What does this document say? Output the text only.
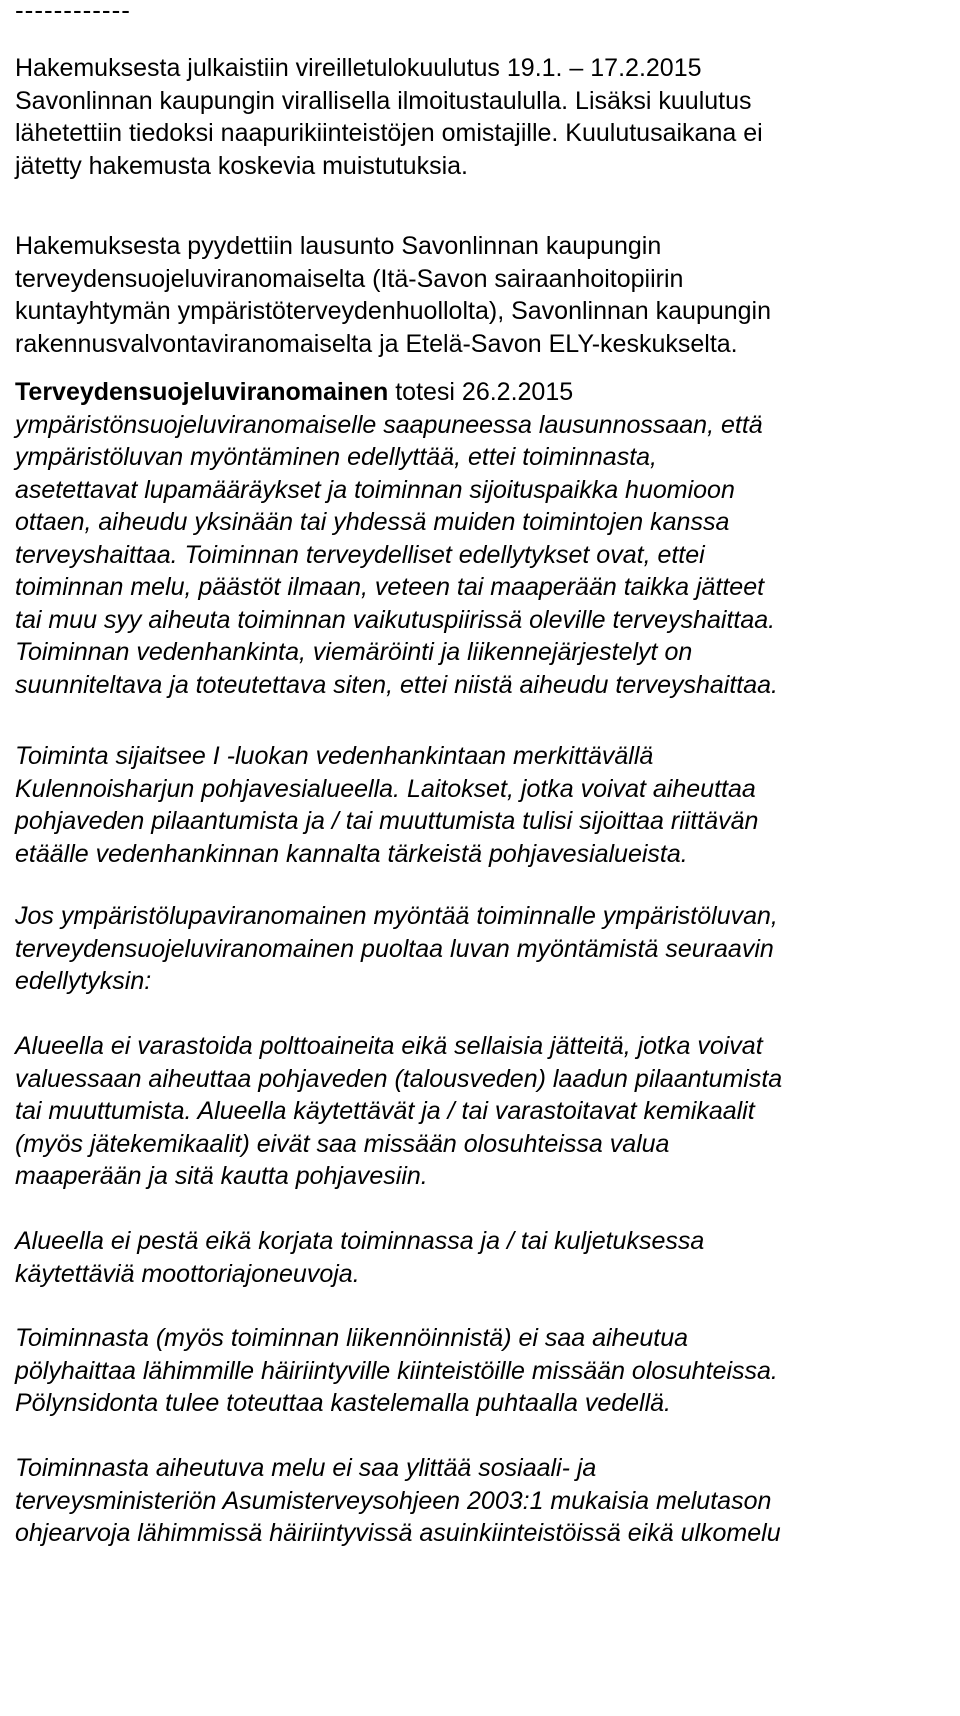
------------

Hakemuksesta julkaistiin vireilletulokuulutus 19.1. – 17.2.2015
Savonlinnan kaupungin virallisella ilmoitustaululla. Lisäksi kuulutus
lähetettiin tiedoksi naapurikiinteistöjen omistajille. Kuulutusaikana ei
jätetty hakemusta koskevia muistutuksia.

Hakemuksesta pyydettiin lausunto Savonlinnan kaupungin
terveydensuojeluviranomaiselta (Itä-Savon sairaanhoitopiirin
kuntayhtymän ympäristöterveydenhuollolta), Savonlinnan kaupungin
rakennusvalvontaviranomaiselta ja Etelä-Savon ELY-keskukselta.

Terveydensuojeluviranomainen totesi 26.2.2015
ympäristönsuojeluviranomaiselle saapuneessa lausunnossaan, että
ympäristöluvan myöntäminen edellyttää, ettei toiminnasta,
asetettavat lupamääräykset ja toiminnan sijoituspaikka huomioon
ottaen, aiheudu yksinään tai yhdessä muiden toimintojen kanssa
terveyshaittaa. Toiminnan terveydelliset edellytykset ovat, ettei
toiminnan melu, päästöt ilmaan, veteen tai maaperään taikka jätteet
tai muu syy aiheuta toiminnan vaikutuspiirissä oleville terveyshaittaa.
Toiminnan vedenhankinta, viemäröinti ja liikennejärjestelyt on
suunniteltava ja toteutettava siten, ettei niistä aiheudu terveyshaittaa.

Toiminta sijaitsee I -luokan vedenhankintaan merkittävällä
Kulennoisharjun pohjavesialueella. Laitokset, jotka voivat aiheuttaa
pohjaveden pilaantumista ja / tai muuttumista tulisi sijoittaa riittävän
etäälle vedenhankinnan kannalta tärkeistä pohjavesialueista.

Jos ympäristölupaviranomainen myöntää toiminnalle ympäristöluvan,
terveydensuojeluviranomainen puoltaa luvan myöntämistä seuraavin
edellytyksin:

Alueella ei varastoida polttoaineita eikä sellaisia jätteitä, jotka voivat
valuessaan aiheuttaa pohjaveden (talousveden) laadun pilaantumista
tai muuttumista. Alueella käytettävät ja / tai varastoitavat kemikaalit
(myös jätekemikaalit) eivät saa missään olosuhteissa valua
maaperään ja sitä kautta pohjavesiin.

Alueella ei pestä eikä korjata toiminnassa ja / tai kuljetuksessa
käytettäviä moottoriajoneuvoja.

Toiminnasta (myös toiminnan liikennöinnistä) ei saa aiheutua
pölyhaittaa lähimmille häiriintyville kiinteistöille missään olosuhteissa.
Pölynsidonta tulee toteuttaa kastelemalla puhtaalla vedellä.

Toiminnasta aiheutuva melu ei saa ylittää sosiaali- ja
terveysministeriön Asumisterveysohjeen 2003:1 mukaisia melutason
ohjearvoja lähimmissä häiriintyvissä asuinkiinteistöissä eikä ulkomelu
